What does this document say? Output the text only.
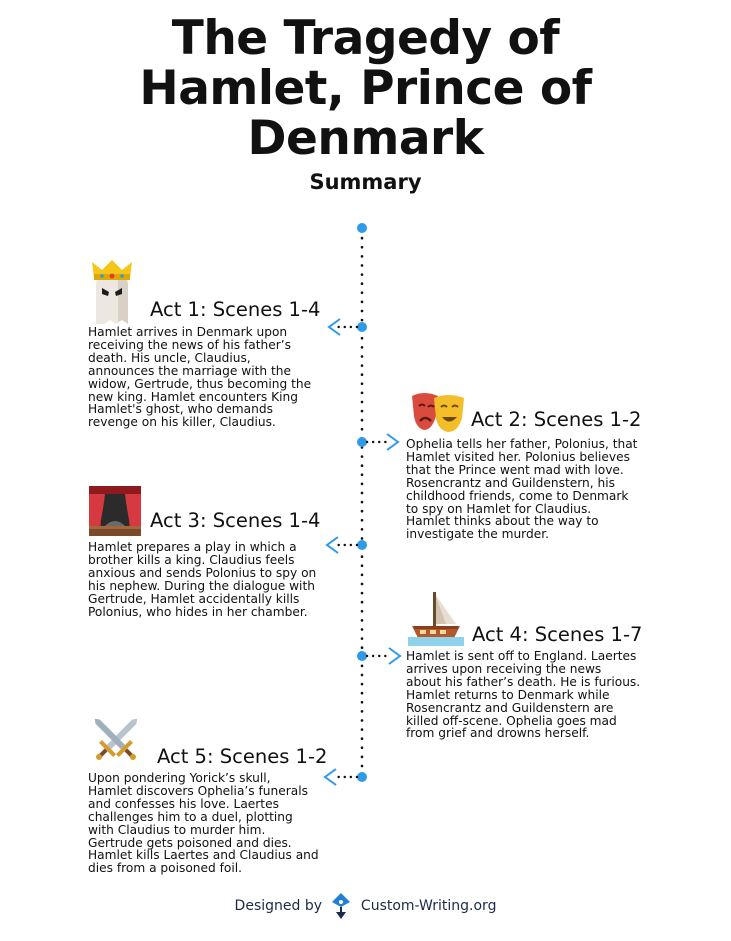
The Tragedy of
Hamlet, Prince of
Denmark
Summary
Act 1: Scenes 1-4
Hamlet arrives in Denmark upon
receiving the news of his father’s
death. His uncle, Claudius,
announces the marriage with the
widow, Gertrude, thus becoming the
new king. Hamlet encounters King
Hamlet's ghost, who demands
revenge on his killer, Claudius.	Act 2: Scenes 1-2
Ophelia tells her father, Polonius, that
Hamlet visited her. Polonius believes
that the Prince went mad with love.
Rosencrantz and Guildenstern, his
childhood friends, come to Denmark
to spy on Hamlet for Claudius.
Hamlet thinks about the way to
investigate the murder.
Act 3: Scenes 1-4
Hamlet prepares a play in which a
brother kills a king. Claudius feels
anxious and sends Polonius to spy on
his nephew. During the dialogue with
Gertrude, Hamlet accidentally kills
Polonius, who hides in her chamber.
Act 4: Scenes 1-7
Hamlet is sent off to England. Laertes
arrives upon receiving the news
about his father’s death. He is furious.
Hamlet returns to Denmark while
Rosencrantz and Guildenstern are
killed off-scene. Ophelia goes mad
from grief and drowns herself.
Act 5: Scenes 1-2
Upon pondering Yorick’s skull,
Hamlet discovers Ophelia’s funerals
and confesses his love. Laertes
challenges him to a duel, plotting
with Claudius to murder him.
Gertrude gets poisoned and dies.
Hamlet kills Laertes and Claudius and
dies from a poisoned foil.
Designed by	Custom-Writing.org
